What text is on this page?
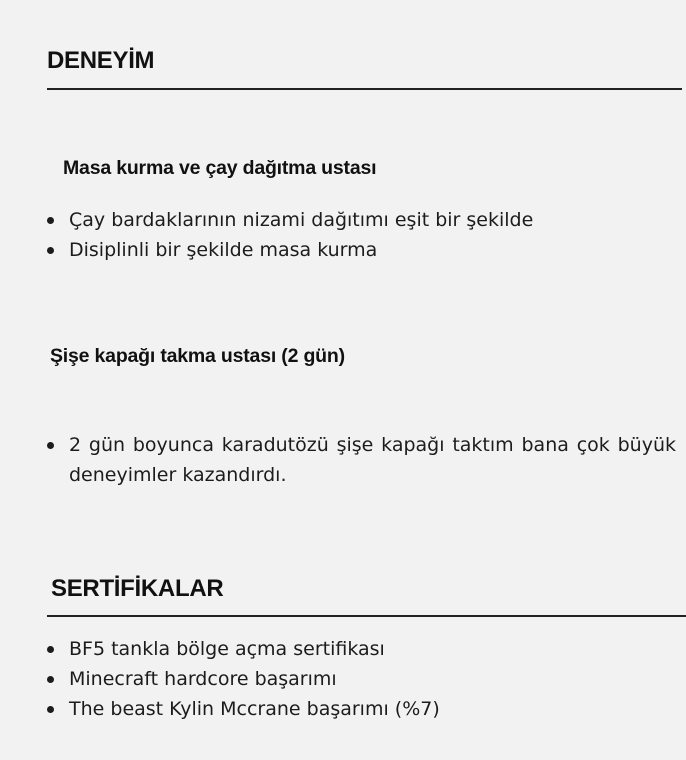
DENEYİM
Masa kurma ve çay dağıtma ustası
Çay bardaklarının nizami dağıtımı eşit bir şekilde
Disiplinli bir şekilde masa kurma
Şişe kapağı takma ustası (2 gün)
2 gün boyunca karadutözü şişe kapağı taktım bana çok büyük deneyimler kazandırdı.
SERTİFİKALAR
BF5 tankla bölge açma sertifikası
Minecraft hardcore başarımı
The beast Kylin Mccrane başarımı (%7)
